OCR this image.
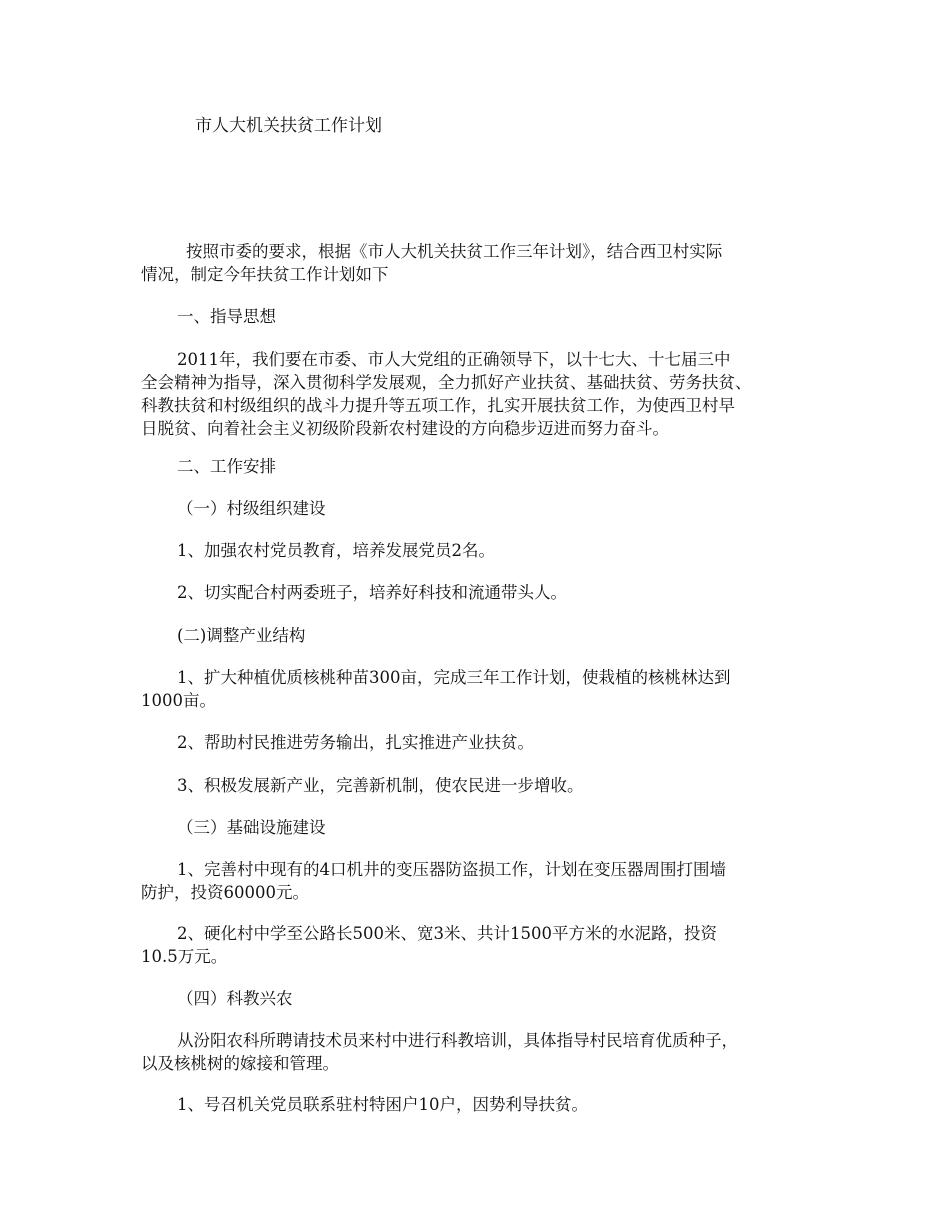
市人大机关扶贫工作计划

按照市委的要求，根据《市人大机关扶贫工作三年计划》，结合西卫村实际
情况，制定今年扶贫工作计划如下

一、指导思想

2011年，我们要在市委、市人大党组的正确领导下，以十七大、十七届三中
全会精神为指导，深入贯彻科学发展观，全力抓好产业扶贫、基础扶贫、劳务扶贫、
科教扶贫和村级组织的战斗力提升等五项工作，扎实开展扶贫工作，为使西卫村早
日脱贫、向着社会主义初级阶段新农村建设的方向稳步迈进而努力奋斗。

二、工作安排

（一）村级组织建设

1、加强农村党员教育，培养发展党员2名。

2、切实配合村两委班子，培养好科技和流通带头人。

(二)调整产业结构

1、扩大种植优质核桃种苗300亩，完成三年工作计划，使栽植的核桃林达到
1000亩。

2、帮助村民推进劳务输出，扎实推进产业扶贫。

3、积极发展新产业，完善新机制，使农民进一步增收。

（三）基础设施建设

1、完善村中现有的4口机井的变压器防盗损工作，计划在变压器周围打围墙
防护，投资60000元。

2、硬化村中学至公路长500米、宽3米、共计1500平方米的水泥路，投资
10.5万元。

（四）科教兴农

从汾阳农科所聘请技术员来村中进行科教培训，具体指导村民培育优质种子，
以及核桃树的嫁接和管理。

1、号召机关党员联系驻村特困户10户，因势利导扶贫。
